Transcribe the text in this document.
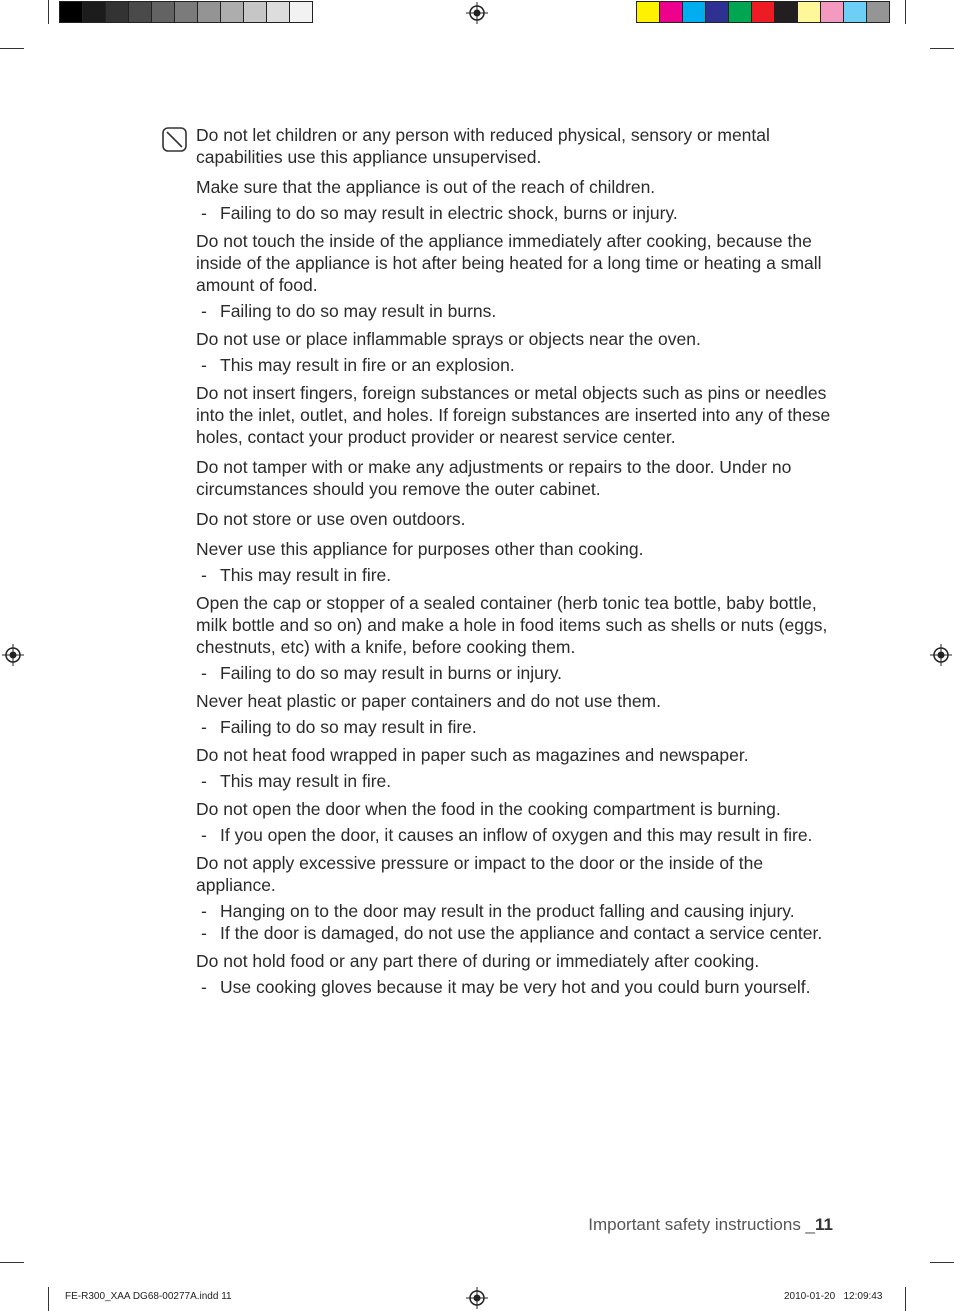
Do not let children or any person with reduced physical, sensory or mental capabilities use this appliance unsupervised.

Make sure that the appliance is out of the reach of children.

- Failing to do so may result in electric shock, burns or injury.

Do not touch the inside of the appliance immediately after cooking, because the inside of the appliance is hot after being heated for a long time or heating a small amount of food.

- Failing to do so may result in burns.

Do not use or place inflammable sprays or objects near the oven.

- This may result in fire or an explosion.

Do not insert fingers, foreign substances or metal objects such as pins or needles into the inlet, outlet, and holes. If foreign substances are inserted into any of these holes, contact your product provider or nearest service center.

Do not tamper with or make any adjustments or repairs to the door. Under no circumstances should you remove the outer cabinet.

Do not store or use oven outdoors.

Never use this appliance for purposes other than cooking.

- This may result in fire.

Open the cap or stopper of a sealed container (herb tonic tea bottle, baby bottle, milk bottle and so on) and make a hole in food items such as shells or nuts (eggs, chestnuts, etc) with a knife, before cooking them.

- Failing to do so may result in burns or injury.

Never heat plastic or paper containers and do not use them.

- Failing to do so may result in fire.

Do not heat food wrapped in paper such as magazines and newspaper.

- This may result in fire.

Do not open the door when the food in the cooking compartment is burning.

- If you open the door, it causes an inflow of oxygen and this may result in fire.

Do not apply excessive pressure or impact to the door or the inside of the appliance.

- Hanging on to the door may result in the product falling and causing injury.
- If the door is damaged, do not use the appliance and contact a service center.

Do not hold food or any part there of during or immediately after cooking.

- Use cooking gloves because it may be very hot and you could burn yourself.
Important safety instructions _11
FE-R300_XAA DG68-00277A.indd 11	2010-01-20   12:09:43
